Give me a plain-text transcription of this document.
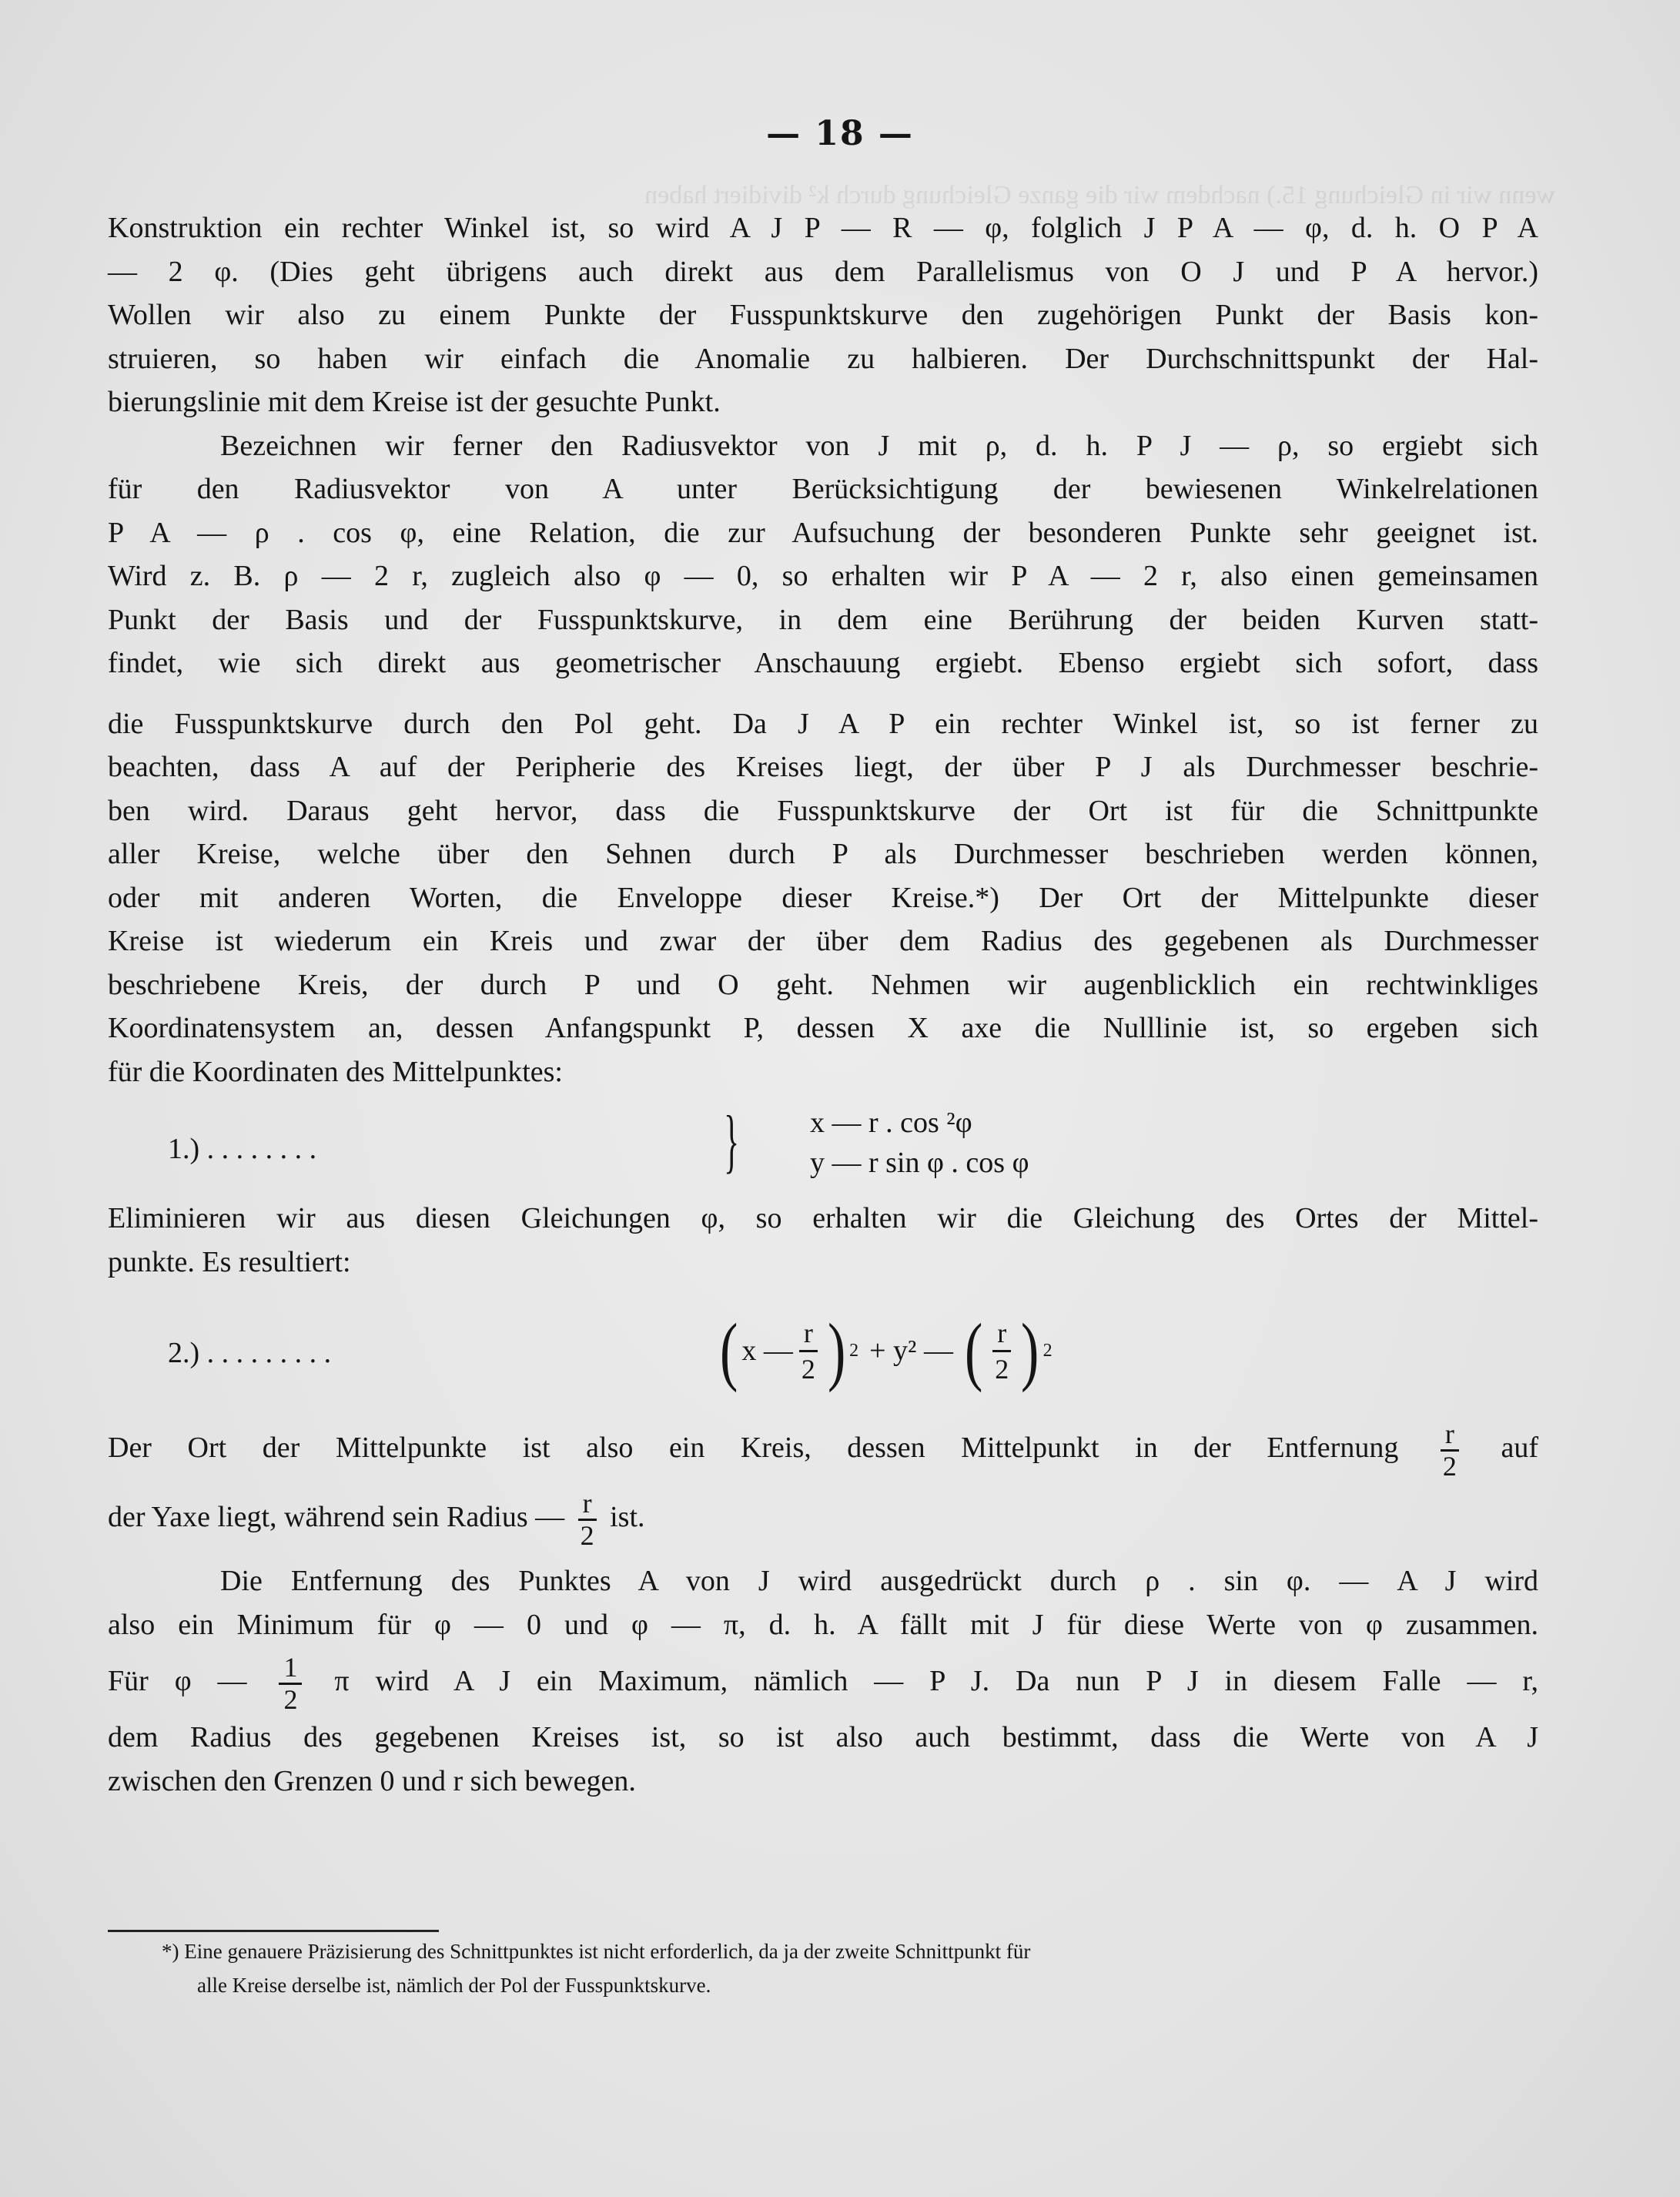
wenn wir in Gleichung 15.) nachdem wir die ganze Gleichung durch k² dividiert haben
— 18 —
Konstruktion ein rechter Winkel ist, so wird A J P — R — φ, folglich J P A — φ, d. h. O P A
— 2 φ. (Dies geht übrigens auch direkt aus dem Parallelismus von O J und P A hervor.)
Wollen wir also zu einem Punkte der Fusspunktskurve den zugehörigen Punkt der Basis kon-
struieren, so haben wir einfach die Anomalie zu halbieren. Der Durchschnittspunkt der Hal-
bierungslinie mit dem Kreise ist der gesuchte Punkt.
Bezeichnen wir ferner den Radiusvektor von J mit ρ, d. h. P J — ρ, so ergiebt sich
für den Radiusvektor von A unter Berücksichtigung der bewiesenen Winkelrelationen
P A — ρ . cos φ, eine Relation, die zur Aufsuchung der besonderen Punkte sehr geeignet ist.
Wird z. B. ρ — 2 r, zugleich also φ — 0, so erhalten wir P A — 2 r, also einen gemeinsamen
Punkt der Basis und der Fusspunktskurve, in dem eine Berührung der beiden Kurven statt-
findet, wie sich direkt aus geometrischer Anschauung ergiebt. Ebenso ergiebt sich sofort, dass
die Fusspunktskurve durch den Pol geht. Da J A P ein rechter Winkel ist, so ist ferner zu
beachten, dass A auf der Peripherie des Kreises liegt, der über P J als Durchmesser beschrie-
ben wird. Daraus geht hervor, dass die Fusspunktskurve der Ort ist für die Schnittpunkte
aller Kreise, welche über den Sehnen durch P als Durchmesser beschrieben werden können,
oder mit anderen Worten, die Enveloppe dieser Kreise.*) Der Ort der Mittelpunkte dieser
Kreise ist wiederum ein Kreis und zwar der über dem Radius des gegebenen als Durchmesser
beschriebene Kreis, der durch P und O geht. Nehmen wir augenblicklich ein rechtwinkliges
Koordinatensystem an, dessen Anfangspunkt P, dessen X axe die Nulllinie ist, so ergeben sich
für die Koordinaten des Mittelpunktes:
1.) . . . . . . . .	} x — r . cos ²φ
y — r sin φ . cos φ
Eliminieren wir aus diesen Gleichungen φ, so erhalten wir die Gleichung des Ortes der Mittel-
punkte. Es resultiert:
2.) . . . . . . . . .	( x — $\frac{r}{2}$ ) 2 + y² — ( $\frac{r}{2}$ ) 2
Der Ort der Mittelpunkte ist also ein Kreis, dessen Mittelpunkt in der Entfernung $\frac{r}{2}$ auf
der Yaxe liegt, während sein Radius — $\frac{r}{2}$ ist.
Die Entfernung des Punktes A von J wird ausgedrückt durch ρ . sin φ. — A J wird
also ein Minimum für φ — 0 und φ — π, d. h. A fällt mit J für diese Werte von φ zusammen.
Für φ — $\frac{1}{2}$ π wird A J ein Maximum, nämlich — P J. Da nun P J in diesem Falle — r,
dem Radius des gegebenen Kreises ist, so ist also auch bestimmt, dass die Werte von A J
zwischen den Grenzen 0 und r sich bewegen.
*) Eine genauere Präzisierung des Schnittpunktes ist nicht erforderlich, da ja der zweite Schnittpunkt für
alle Kreise derselbe ist, nämlich der Pol der Fusspunktskurve.
